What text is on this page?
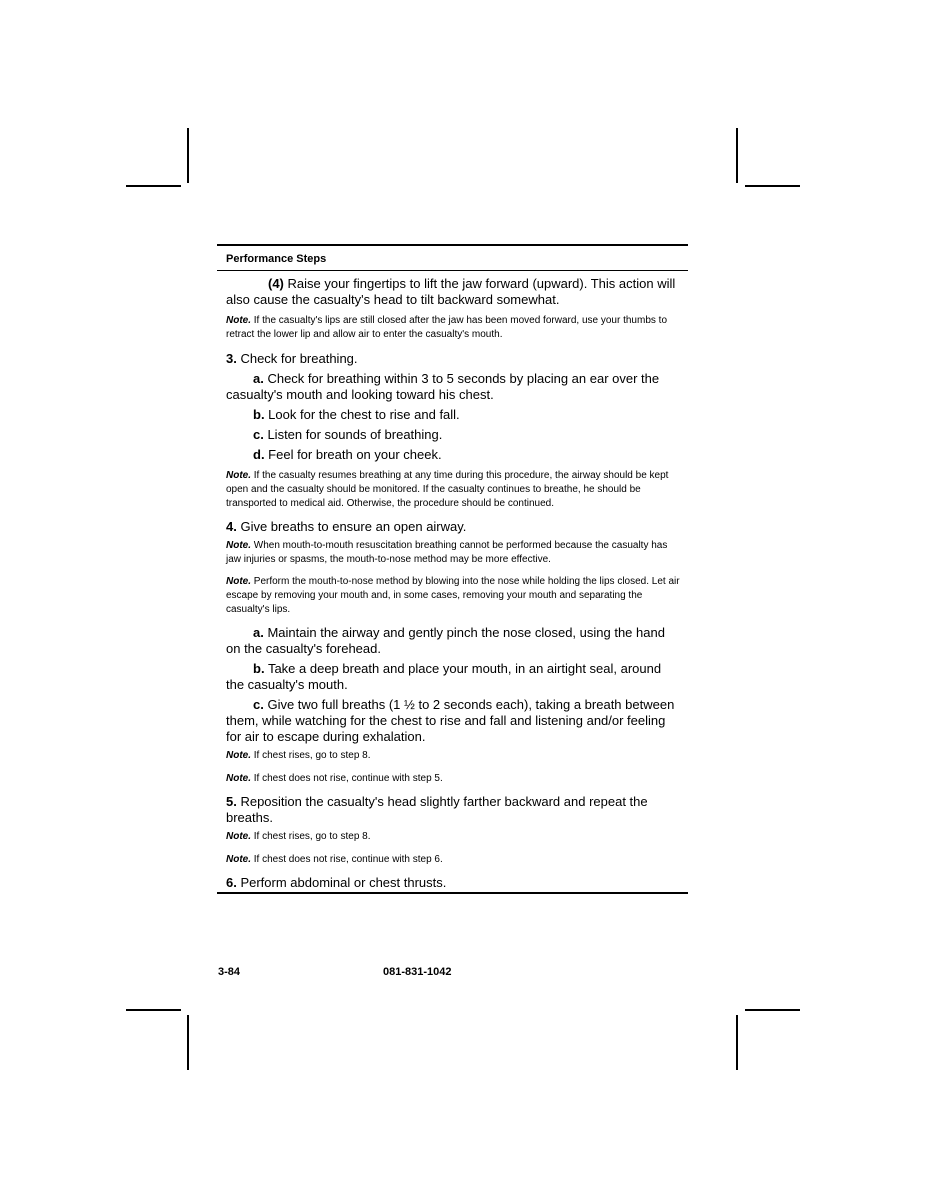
Performance Steps

(4) Raise your fingertips to lift the jaw forward (upward). This action will also cause the casualty's head to tilt backward somewhat.

Note. If the casualty's lips are still closed after the jaw has been moved forward, use your thumbs to retract the lower lip and allow air to enter the casualty's mouth.

3. Check for breathing.

a. Check for breathing within 3 to 5 seconds by placing an ear over the casualty's mouth and looking toward his chest.

b. Look for the chest to rise and fall.

c. Listen for sounds of breathing.

d. Feel for breath on your cheek.

Note. If the casualty resumes breathing at any time during this procedure, the airway should be kept open and the casualty should be monitored. If the casualty continues to breathe, he should be transported to medical aid. Otherwise, the procedure should be continued.

4. Give breaths to ensure an open airway.

Note. When mouth-to-mouth resuscitation breathing cannot be performed because the casualty has jaw injuries or spasms, the mouth-to-nose method may be more effective.

Note. Perform the mouth-to-nose method by blowing into the nose while holding the lips closed. Let air escape by removing your mouth and, in some cases, removing your mouth and separating the casualty's lips.

a. Maintain the airway and gently pinch the nose closed, using the hand on the casualty's forehead.

b. Take a deep breath and place your mouth, in an airtight seal, around the casualty's mouth.

c. Give two full breaths (1 ½ to 2 seconds each), taking a breath between them, while watching for the chest to rise and fall and listening and/or feeling for air to escape during exhalation.

Note. If chest rises, go to step 8.

Note. If chest does not rise, continue with step 5.

5. Reposition the casualty's head slightly farther backward and repeat the breaths.

Note. If chest rises, go to step 8.

Note. If chest does not rise, continue with step 6.

6. Perform abdominal or chest thrusts.

3-84	081-831-1042
